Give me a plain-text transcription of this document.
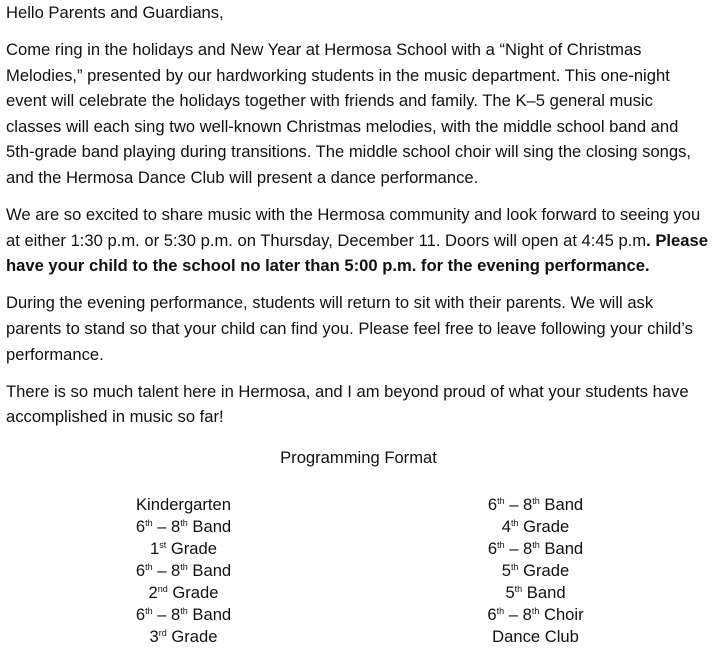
Hello Parents and Guardians,

Come ring in the holidays and New Year at Hermosa School with a “Night of Christmas Melodies,” presented by our hardworking students in the music department. This one-night event will celebrate the holidays together with friends and family. The K–5 general music classes will each sing two well-known Christmas melodies, with the middle school band and 5th-grade band playing during transitions. The middle school choir will sing the closing songs, and the Hermosa Dance Club will present a dance performance.

We are so excited to share music with the Hermosa community and look forward to seeing you at either 1:30 p.m. or 5:30 p.m. on Thursday, December 11. Doors will open at 4:45 p.m. Please have your child to the school no later than 5:00 p.m. for the evening performance.

During the evening performance, students will return to sit with their parents. We will ask parents to stand so that your child can find you. Please feel free to leave following your child’s performance.

There is so much talent here in Hermosa, and I am beyond proud of what your students have accomplished in music so far!

Programming Format
Kindergarten
6th – 8th Band
1st Grade
6th – 8th Band
2nd Grade
6th – 8th Band
3rd Grade
6th – 8th Band
4th Grade
6th – 8th Band
5th Grade
5th Band
6th – 8th Choir
Dance Club
